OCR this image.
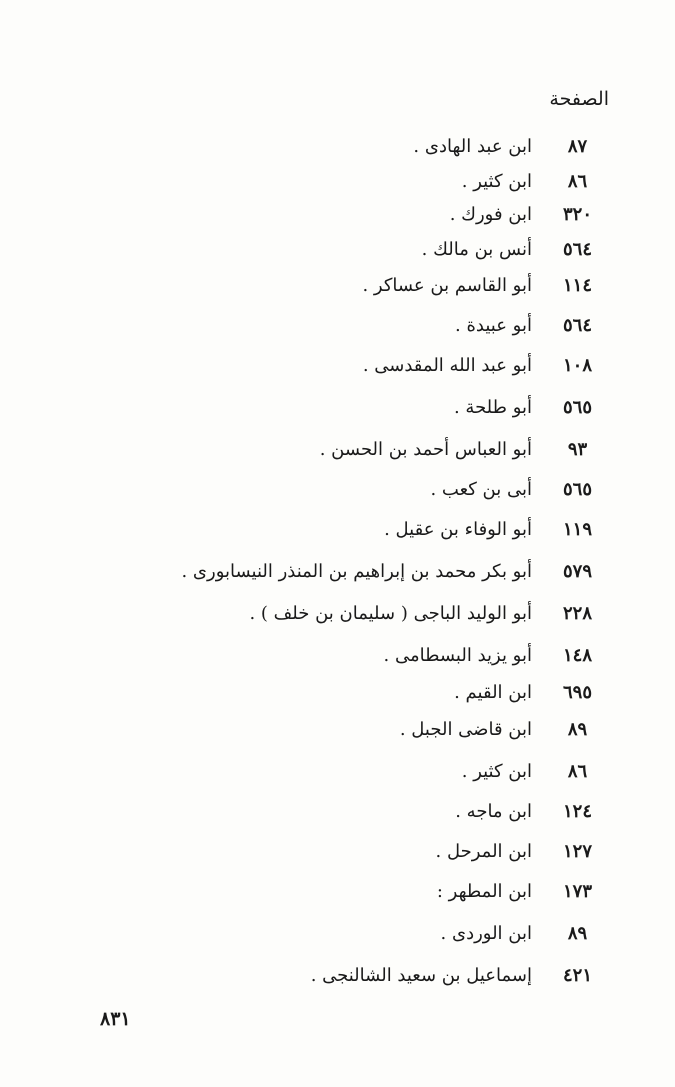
الصفحة
٨٧
ابن عبد الهادى .
٨٦
ابن كثير .
٣٢٠
ابن فورك .
٥٦٤
أنس بن مالك .
١١٤
أبو القاسم بن عساكر .
٥٦٤
أبو عبيدة .
١٠٨
أبو عبد الله المقدسى .
٥٦٥
أبو طلحة .
٩٣
أبو العباس أحمد بن الحسن .
٥٦٥
أبى بن كعب .
١١٩
أبو الوفاء بن عقيل .
٥٧٩
أبو بكر محمد بن إبراهيم بن المنذر النيسابورى .
٢٢٨
أبو الوليد الباجى ( سليمان بن خلف ) .
١٤٨
أبو يزيد البسطامى .
٦٩٥
ابن القيم .
٨٩
ابن قاضى الجبل .
٨٦
ابن كثير .
١٢٤
ابن ماجه .
١٢٧
ابن المرحل .
١٧٣
ابن المطهر :
٨٩
ابن الوردى .
٤٢١
إسماعيل بن سعيد الشالنجى .
٨٣١
